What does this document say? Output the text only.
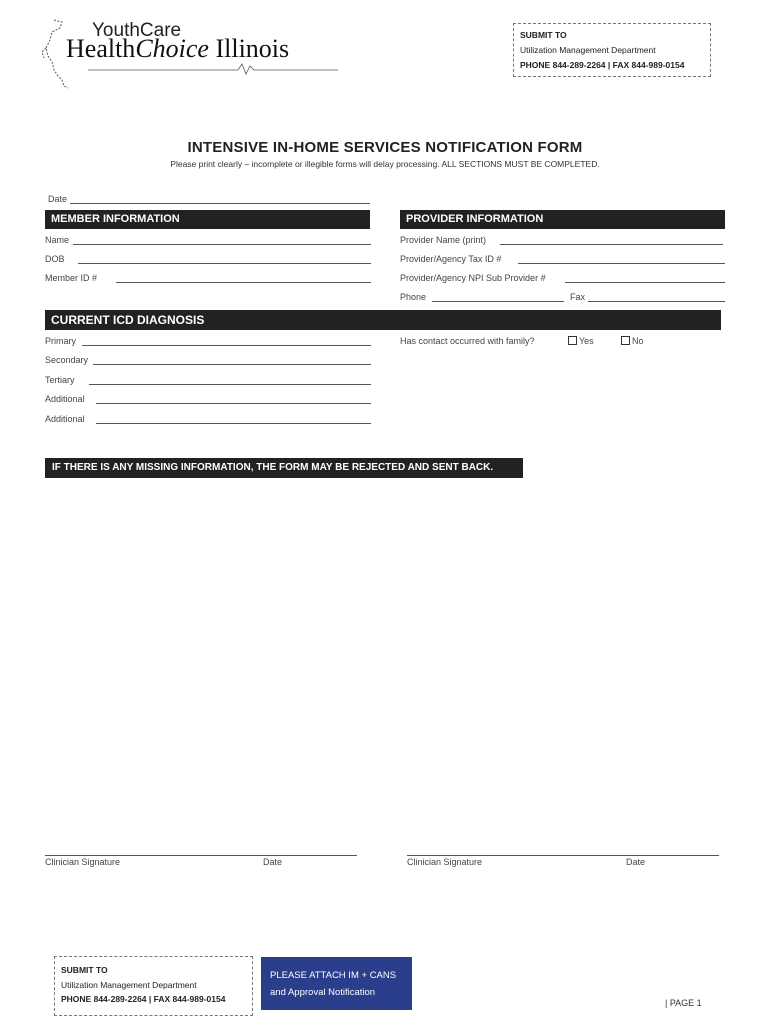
YouthCare
HealthChoice Illinois	SUBMIT TO
Utilization Management Department
PHONE 844-289-2264 | FAX 844-989-0154
INTENSIVE IN-HOME SERVICES NOTIFICATION FORM
Please print clearly – incomplete or illegible forms will delay processing. ALL SECTIONS MUST BE COMPLETED.
Date
MEMBER INFORMATION
Name
DOB
Member ID #
PROVIDER INFORMATION
Provider Name (print)
Provider/Agency Tax ID #
Provider/Agency NPI Sub Provider #
Phone	Fax
CURRENT ICD DIAGNOSIS
Primary
Secondary
Tertiary
Additional
Additional
Has contact occurred with family?	Yes	No
IF THERE IS ANY MISSING INFORMATION, THE FORM MAY BE REJECTED AND SENT BACK.
Clinician Signature	Date	Clinician Signature	Date
SUBMIT TO
Utilization Management Department
PHONE 844-289-2264 | FAX 844-989-0154
PLEASE ATTACH IM + CANS
and Approval Notification
| PAGE 1
